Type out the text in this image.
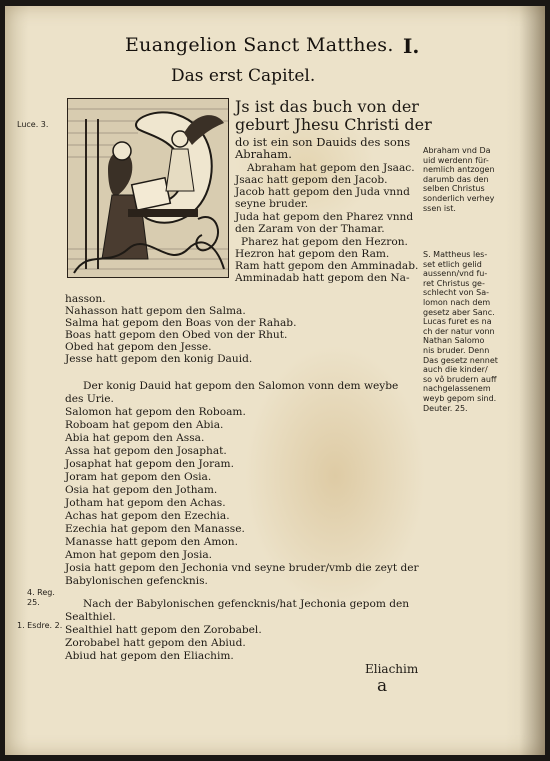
Euangelion Sanct Matthes. I.
Das erst Capitel.
Luce. 3.
4. Reg.
25.
1. Esdre. 2.
Abraham vnd Da
uid werdenn für-
nemlich antzogen
darumb das den
selben Christus
sonderlich verhey
ssen ist.
S. Mattheus les-
set etlich gelid
aussenn/vnd fu-
ret Christus ge-
schlecht von Sa-
lomon nach dem
gesetz aber Sanc.
Lucas furet es na
ch der natur vonn
Nathan Salomo
nis bruder. Denn
Das gesetz nennet
auch die kinder/
so vô brudern auff
nachgelassenem
weyb gepom sind.
Deuter. 25.
Js ist das buch von der
geburt Jhesu Christi der
do ist ein son Dauids des sons
Abraham.
Abraham hat gepom den Jsaac.
Jsaac hatt gepom den Jacob.
Jacob hatt gepom den Juda vnnd
seyne bruder.
Juda hat gepom den Pharez vnnd
den Zaram von der Thamar.
Pharez hat gepom den Hezron.
Hezron hat gepom den Ram.
Ram hatt gepom den Amminadab.
Amminadab hatt gepom den Na-
hasson.
Nahasson hatt gepom den Salma.
Salma hat gepom den Boas von der Rahab.
Boas hatt gepom den Obed von der Rhut.
Obed hat gepom den Jesse.
Jesse hatt gepom den konig Dauid.
Der konig Dauid hat gepom den Salomon vonn dem weybe
des Urie.
Salomon hat gepom den Roboam.
Roboam hat gepom den Abia.
Abia hat gepom den Assa.
Assa hat gepom den Josaphat.
Josaphat hat gepom den Joram.
Joram hat gepom den Osia.
Osia hat gepom den Jotham.
Jotham hat gepom den Achas.
Achas hat gepom den Ezechia.
Ezechia hat gepom den Manasse.
Manasse hatt gepom den Amon.
Amon hat gepom den Josia.
Josia hatt gepom den Jechonia vnd seyne bruder/vmb die zeyt der
Babylonischen gefencknis.
Nach der Babylonischen gefencknis/hat Jechonia gepom den
Sealthiel.
Sealthiel hatt gepom den Zorobabel.
Zorobabel hatt gepom den Abiud.
Abiud hat gepom den Eliachim.
Eliachim
a
